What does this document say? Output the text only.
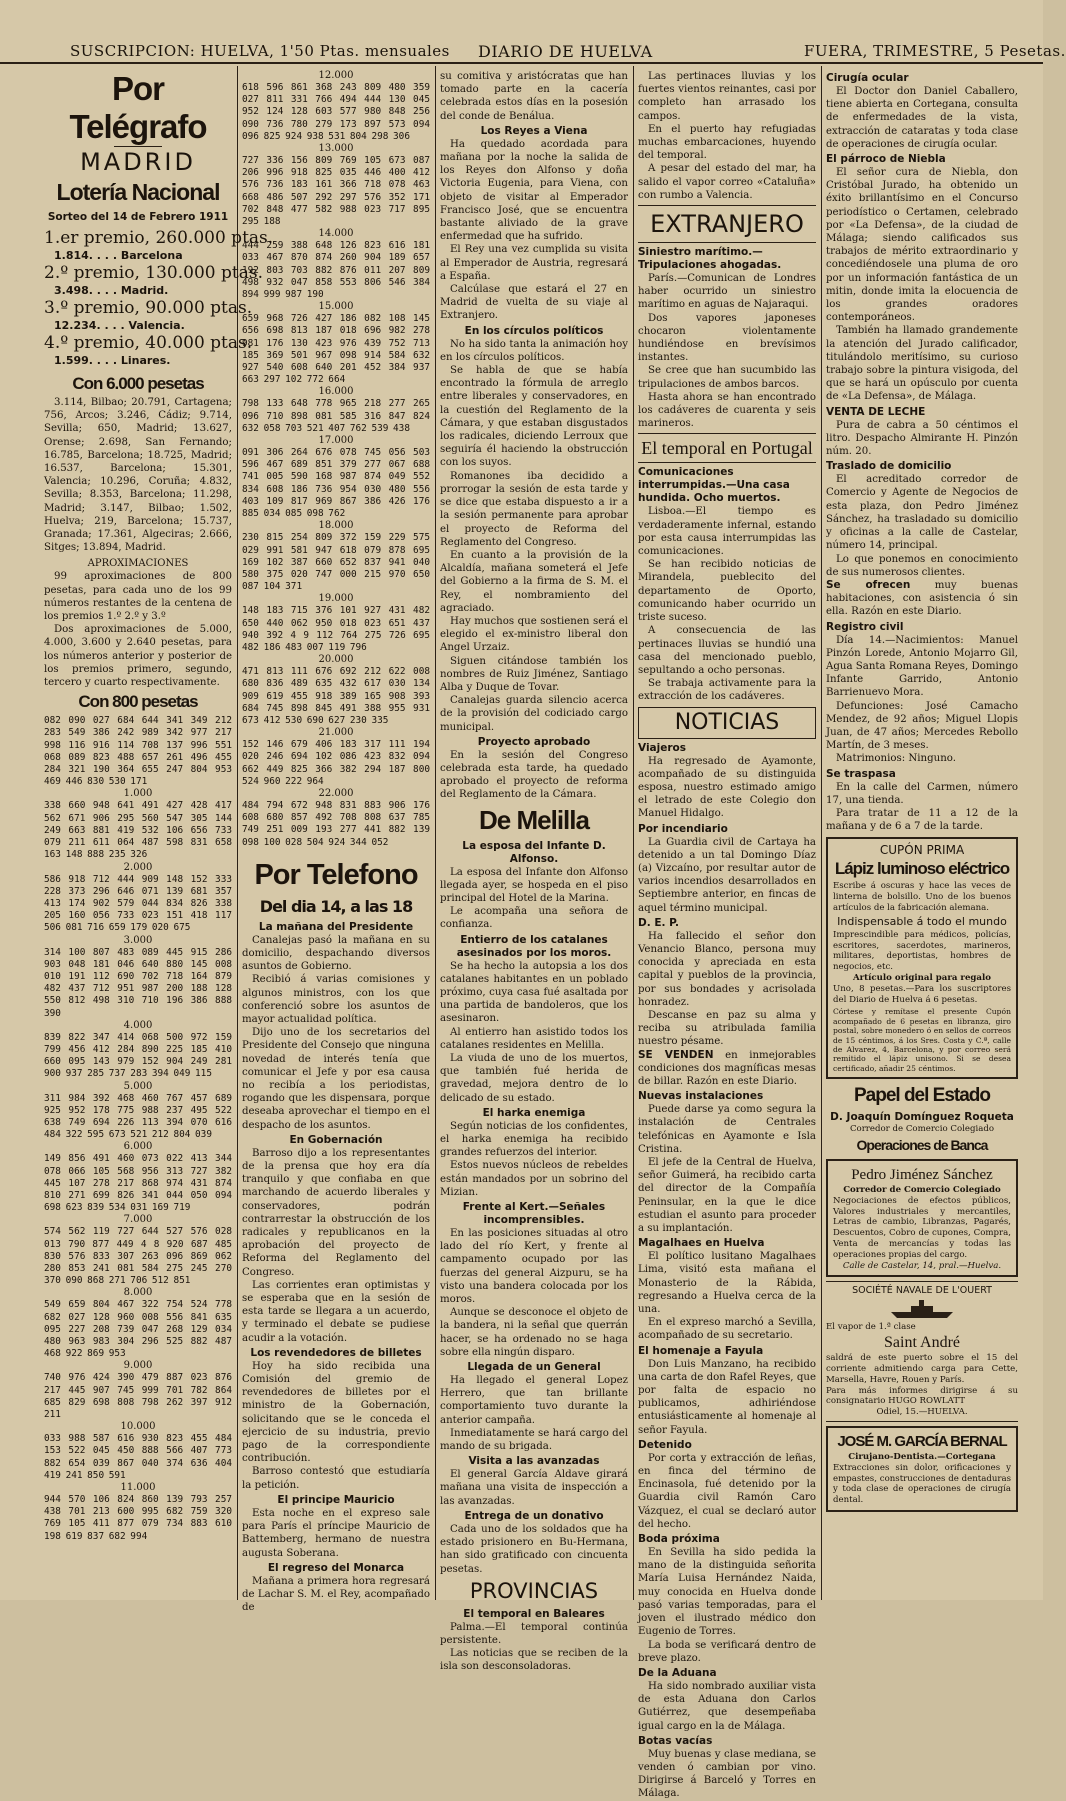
SUSCRIPCION: HUELVA, 1'50 Ptas. mensuales DIARIO DE HUELVA	FUERA, TRIMESTRE, 5 Pesetas.
Por Telégrafo
MADRID
Lotería Nacional
Sorteo del 14 de Febrero 1911
1.er premio, 260.000 ptas.
1.814. . . . Barcelona
2.º premio, 130.000 ptas.
3.498. . . . Madrid.
3.º premio, 90.000 ptas.
12.234. . . . Valencia.
4.º premio, 40.000 ptas.
1.599. . . . Linares.
Con 6.000 pesetas

3.114, Bilbao; 20.791, Cartagena; 756, Arcos; 3.246, Cádiz; 9.714, Sevilla; 650, Madrid; 13.627, Orense; 2.698, San Fernando; 16.785, Barcelona; 18.725, Madrid; 16.537, Barcelona; 15.301, Valencia; 10.296, Coruña; 4.832, Sevilla; 8.353, Barcelona; 11.298, Madrid; 3.147, Bilbao; 1.502, Huelva; 219, Barcelona; 15.737, Granada; 17.361, Algeciras; 2.666, Sitges; 13.894, Madrid.

APROXIMACIONES

99 aproximaciones de 800 pesetas, para cada uno de los 99 números restantes de la centena de los premios 1.º 2.º y 3.º

Dos aproximaciones de 5.000, 4.000, 3.600 y 2.640 pesetas, para los números anterior y posterior de los premios primero, segundo, tercero y cuarto respectivamente.

Con 800 pesetas
082 090 027 684 644 341 349 212 283 549 386 242 989 342 977 217 998 116 916 114 708 137 996 551 068 089 823 488 657 261 496 455 284 321 190 364 655 247 804 953 469 446 830 530 171
1.000
338 660 948 641 491 427 428 417 562 671 906 295 560 547 305 144 249 663 881 419 532 106 656 733 079 211 611 064 487 598 831 658 163 148 888 235 326
2.000
586 918 712 444 909 148 152 333 228 373 296 646 071 139 681 357 413 174 902 579 044 834 826 338 205 160 056 733 023 151 418 117 506 081 716 659 179 020 675
3.000
314 100 807 483 089 445 915 286 903 048 181 046 640 880 145 008 010 191 112 690 702 718 164 879 482 437 712 951 987 200 188 128 550 812 498 310 710 196 386 888 390
4.000
839 822 347 414 068 500 972 159 799 456 412 284 890 225 185 410 660 095 143 979 152 904 249 281 900 937 285 737 283 394 049 115
5.000
311 984 392 468 460 767 457 689 925 952 178 775 988 237 495 522 638 749 694 226 113 394 070 616 484 322 595 673 521 212 804 039
6.000
149 856 491 460 073 022 413 344 078 066 105 568 956 313 727 382 445 107 278 217 868 974 431 874 810 271 699 826 341 044 050 094 698 623 839 534 031 169 719
7.000
574 562 119 727 644 527 576 028 013 790 877 449 4 8 920 687 485 830 576 833 307 263 096 869 062 280 853 241 081 584 275 245 270 370 090 868 271 706 512 851
8.000
549 659 804 467 322 754 524 778 682 027 128 960 008 556 841 635 095 227 208 739 047 268 129 034 480 963 983 304 296 525 882 487 468 922 869 953
9.000
740 976 424 390 479 887 023 876 217 445 907 745 999 701 782 864 685 829 698 808 798 262 397 912 211
10.000
033 988 587 616 930 823 455 484 153 522 045 450 888 566 407 773 882 654 039 867 040 374 636 404 419 241 850 591
11.000
944 570 106 824 860 139 793 257 438 701 213 600 995 682 759 320 769 105 411 877 079 734 883 610 198 619 837 682 994
12.000
618 596 861 368 243 809 480 359 027 811 331 766 494 444 130 045 952 124 128 603 577 980 848 256 090 736 780 279 173 897 573 094 096 825 924 938 531 804 298 306
13.000
727 336 156 809 769 105 673 087 206 996 918 825 035 446 400 412 576 736 183 161 366 718 078 463 668 486 507 292 297 576 352 171 702 848 477 582 988 023 717 895 295 188
14.000
444 259 388 648 126 823 616 181 033 467 870 874 260 904 189 657 192 803 703 882 876 011 207 809 498 932 047 858 553 806 546 384 894 999 987 190
15.000
659 968 726 427 186 082 108 145 656 698 813 187 018 696 982 278 981 176 130 423 976 439 752 713 185 369 501 967 098 914 584 632 927 540 608 640 201 452 384 937 663 297 102 772 664
16.000
798 133 648 778 965 218 277 265 096 710 898 081 585 316 847 824 632 058 703 521 407 762 539 438
17.000
091 306 264 676 078 745 056 503 596 467 689 851 379 277 067 688 741 005 590 168 987 874 049 552 834 608 186 736 954 030 480 556 403 109 817 969 867 386 426 176 885 034 085 098 762
18.000
230 815 254 809 372 159 229 575 029 991 581 947 618 079 878 695 169 102 387 660 652 837 941 040 580 375 020 747 000 215 970 650 087 104 371
19.000
148 183 715 376 101 927 431 482 650 440 062 950 018 023 651 437 940 392 4 9 112 764 275 726 695 482 186 483 007 119 796
20.000
471 813 111 676 692 212 622 008 680 836 489 635 432 617 030 134 909 619 455 918 389 165 908 393 684 745 898 845 491 388 955 931 673 412 530 690 627 230 335
21.000
152 146 679 406 183 317 111 194 020 246 694 102 086 423 832 094 662 449 825 366 382 294 187 800 524 960 222 964
22.000
484 794 672 948 831 883 906 176 608 680 857 492 708 808 637 785 749 251 009 193 277 441 882 139 098 100 028 504 924 344 052
Por Telefono
Del dia 14, a las 18
La mañana del Presidente

Canalejas pasó la mañana en su domicilio, despachando diversos asuntos de Gobierno.

Recibió á varias comisiones y algunos ministros, con los que conferenció sobre los asuntos de mayor actualidad política.

Dijo uno de los secretarios del Presidente del Consejo que ninguna novedad de interés tenía que comunicar el Jefe y por esa causa no recibía a los periodistas, rogando que les dispensara, porque deseaba aprovechar el tiempo en el despacho de los asuntos.

En Gobernación

Barroso dijo a los representantes de la prensa que hoy era día tranquilo y que confiaba en que marchando de acuerdo liberales y conservadores, podrán contrarrestar la obstrucción de los radicales y republicanos en la aprobación del proyecto de Reforma del Reglamento del Congreso.

Las corrientes eran optimistas y se esperaba que en la sesión de esta tarde se llegara a un acuerdo, y terminado el debate se pudiese acudir a la votación.

Los revendedores de billetes

Hoy ha sido recibida una Comisión del gremio de revendedores de billetes por el ministro de la Gobernación, solicitando que se le conceda el ejercicio de su industria, previo pago de la correspondiente contribución.

Barroso contestó que estudiaría la petición.

El principe Mauricio

Esta noche en el expreso sale para París el príncipe Mauricio de Battemberg, hermano de nuestra augusta Soberana.

El regreso del Monarca

Mañana a primera hora regresará de Lachar S. M. el Rey, acompañado de

su comitiva y aristócratas que han tomado parte en la cacería celebrada estos días en la posesión del conde de Benálua.

Los Reyes a Viena

Ha quedado acordada para mañana por la noche la salida de los Reyes don Alfonso y doña Victoria Eugenia, para Viena, con objeto de visitar al Emperador Francisco José, que se encuentra bastante aliviado de la grave enfermedad que ha sufrido.

El Rey una vez cumplida su visita al Emperador de Austria, regresará a España.

Calcúlase que estará el 27 en Madrid de vuelta de su viaje al Extranjero.

En los círculos políticos

No ha sido tanta la animación hoy en los círculos políticos.

Se habla de que se había encontrado la fórmula de arreglo entre liberales y conservadores, en la cuestión del Reglamento de la Cámara, y que estaban disgustados los radicales, diciendo Lerroux que seguiría él haciendo la obstrucción con los suyos.

Romanones iba decidido a prorrogar la sesión de esta tarde y se dice que estaba dispuesto a ir a la sesión permanente para aprobar el proyecto de Reforma del Reglamento del Congreso.

En cuanto a la provisión de la Alcaldía, mañana someterá el Jefe del Gobierno a la firma de S. M. el Rey, el nombramiento del agraciado.

Hay muchos que sostienen será el elegido el ex-ministro liberal don Angel Urzaiz.

Siguen citándose también los nombres de Ruiz Jiménez, Santiago Alba y Duque de Tovar.

Canalejas guarda silencio acerca de la provisión del codiciado cargo municipal.

Proyecto aprobado

En la sesión del Congreso celebrada esta tarde, ha quedado aprobado el proyecto de reforma del Reglamento de la Cámara.

De Melilla
La esposa del Infante D. Alfonso.

La esposa del Infante don Alfonso llegada ayer, se hospeda en el piso principal del Hotel de la Marina.

Le acompaña una señora de confianza.

Entierro de los catalanes asesinados por los moros.

Se ha hecho la autopsia a los dos catalanes habitantes en un poblado próximo, cuya casa fué asaltada por una partida de bandoleros, que los asesinaron.

Al entierro han asistido todos los catalanes residentes en Melilla.

La viuda de uno de los muertos, que también fué herida de gravedad, mejora dentro de lo delicado de su estado.

El harka enemiga

Según noticias de los confidentes, el harka enemiga ha recibido grandes refuerzos del interior.

Estos nuevos núcleos de rebeldes están mandados por un sobrino del Mizian.

Frente al Kert.—Señales incomprensibles.

En las posiciones situadas al otro lado del río Kert, y frente al campamento ocupado por las fuerzas del general Aizpuru, se ha visto una bandera colocada por los moros.

Aunque se desconoce el objeto de la bandera, ni la señal que querrán hacer, se ha ordenado no se haga sobre ella ningún disparo.

Llegada de un General

Ha llegado el general Lopez Herrero, que tan brillante comportamiento tuvo durante la anterior campaña.

Inmediatamente se hará cargo del mando de su brigada.

Visita a las avanzadas

El general García Aldave girará mañana una visita de inspección a las avanzadas.

Entrega de un donativo

Cada uno de los soldados que ha estado prisionero en Bu-Hermana, han sido gratificado con cincuenta pesetas.

PROVINCIAS
El temporal en Baleares

Palma.—El temporal continúa persistente.

Las noticias que se reciben de la isla son desconsoladoras.

Las pertinaces lluvias y los fuertes vientos reinantes, casi por completo han arrasado los campos.

En el puerto hay refugiadas muchas embarcaciones, huyendo del temporal.

A pesar del estado del mar, ha salido el vapor correo «Cataluña» con rumbo a Valencia.

EXTRANJERO
Siniestro marítimo.—Tripulaciones ahogadas.

París.—Comunican de Londres haber ocurrido un siniestro marítimo en aguas de Najaraqui.

Dos vapores japoneses chocaron violentamente hundiéndose en brevísimos instantes.

Se cree que han sucumbido las tripulaciones de ambos barcos.

Hasta ahora se han encontrado los cadáveres de cuarenta y seis marineros.

El temporal en Portugal
Comunicaciones interrumpidas.—Una casa hundida. Ocho muertos.

Lisboa.—El tiempo es verdaderamente infernal, estando por esta causa interrumpidas las comunicaciones.

Se han recibido noticias de Mirandela, pueblecito del departamento de Oporto, comunicando haber ocurrido un triste suceso.

A consecuencia de las pertinaces lluvias se hundió una casa del mencionado pueblo, sepultando a ocho personas.

Se trabaja activamente para la extracción de los cadáveres.

NOTICIAS
Viajeros

Ha regresado de Ayamonte, acompañado de su distinguida esposa, nuestro estimado amigo el letrado de este Colegio don Manuel Hidalgo.

Por incendiario

La Guardia civil de Cartaya ha detenido a un tal Domingo Díaz (a) Vizcaíno, por resultar autor de varios incendios desarrollados en Septiembre anterior, en fincas de aquel término municipal.

D. E. P.

Ha fallecido el señor don Venancio Blanco, persona muy conocida y apreciada en esta capital y pueblos de la provincia, por sus bondades y acrisolada honradez.

Descanse en paz su alma y reciba su atribulada familia nuestro pésame.

SE VENDEN en inmejorables condiciones dos magníficas mesas de billar. Razón en este Diario.

Nuevas instalaciones

Puede darse ya como segura la instalación de Centrales telefónicas en Ayamonte e Isla Cristina.

El jefe de la Central de Huelva, señor Guimerá, ha recibido carta del director de la Compañía Peninsular, en la que le dice estudian el asunto para proceder a su implantación.

Magalhaes en Huelva

El político lusitano Magalhaes Lima, visitó esta mañana el Monasterio de la Rábida, regresando a Huelva cerca de la una.

En el expreso marchó a Sevilla, acompañado de su secretario.

El homenaje a Fayula

Don Luis Manzano, ha recibido una carta de don Rafel Reyes, que por falta de espacio no publicamos, adhiriéndose entusiásticamente al homenaje al señor Fayula.

Detenido

Por corta y extracción de leñas, en finca del término de Encinasola, fué detenido por la Guardia civil Ramón Caro Vázquez, el cual se declaró autor del hecho.

Boda próxima

En Sevilla ha sido pedida la mano de la distinguida señorita María Luisa Hernández Naida, muy conocida en Huelva donde pasó varias temporadas, para el joven el ilustrado médico don Eugenio de Torres.

La boda se verificará dentro de breve plazo.

De la Aduana

Ha sido nombrado auxiliar vista de esta Aduana don Carlos Gutiérrez, que desempeñaba igual cargo en la de Málaga.

Botas vacías

Muy buenas y clase mediana, se venden ó cambian por vino. Dirigirse á Barceló y Torres en Málaga.

Cirugía ocular

El Doctor don Daniel Caballero, tiene abierta en Cortegana, consulta de enfermedades de la vista, extracción de cataratas y toda clase de operaciones de cirugía ocular.

El párroco de Niebla

El señor cura de Niebla, don Cristóbal Jurado, ha obtenido un éxito brillantísimo en el Concurso periodístico o Certamen, celebrado por «La Defensa», de la ciudad de Málaga; siendo calificados sus trabajos de mérito extraordinario y concediéndosele una pluma de oro por un información fantástica de un mitin, donde imita la elocuencia de los grandes oradores contemporáneos.

También ha llamado grandemente la atención del Jurado calificador, titulándolo meritísimo, su curioso trabajo sobre la pintura visigoda, del que se hará un opúsculo por cuenta de «La Defensa», de Málaga.

VENTA DE LECHE

Pura de cabra a 50 céntimos el litro. Despacho Almirante H. Pinzón núm. 20.

Traslado de domicilio

El acreditado corredor de Comercio y Agente de Negocios de esta plaza, don Pedro Jiménez Sánchez, ha trasladado su domicilio y oficinas a la calle de Castelar, número 14, principal.

Lo que ponemos en conocimiento de sus numerosos clientes.

Se ofrecen muy buenas habitaciones, con asistencia ó sin ella. Razón en este Diario.

Registro civil

Día 14.—Nacimientos: Manuel Pinzón Lorede, Antonio Mojarro Gil, Agua Santa Romana Reyes, Domingo Infante Garrido, Antonio Barrienuevo Mora.

Defunciones: José Camacho Mendez, de 92 años; Miguel Llopis Juan, de 47 años; Mercedes Rebollo Martín, de 3 meses.

Matrimonios: Ninguno.

Se traspasa

En la calle del Carmen, número 17, una tienda.

Para tratar de 11 a 12 de la mañana y de 6 a 7 de la tarde.

CUPÓN PRIMA
Lápiz luminoso eléctrico
Escribe á oscuras y hace las veces de linterna de bolsillo. Uno de los buenos artículos de la fabricación alemana.
Indispensable á todo el mundo
Imprescindible para médicos, policías, escritores, sacerdotes, marineros, militares, deportistas, hombres de negocios, etc.
Artículo original para regalo
Uno, 8 pesetas.—Para los suscriptores del Diario de Huelva á 6 pesetas.
Córtese y remítase el presente Cupón acompañado de 6 pesetas en libranza, giro postal, sobre monedero ó en sellos de correos de 15 céntimos, á los Sres. Costa y C.ª, calle de Alvarez, 4, Barcelona, y por correo será remitido el lápiz unisono. Si se desea certificado, añadir 25 céntimos.
Papel del Estado
D. Joaquín Domínguez Roqueta
Corredor de Comercio Colegiado
Operaciones de Banca
Pedro Jiménez Sánchez
Corredor de Comercio Colegiado
Negociaciones de efectos públicos, Valores industriales y mercantiles, Letras de cambio, Libranzas, Pagarés, Descuentos, Cobro de cupones, Compra, Venta de mercancías y todas las operaciones propias del cargo.
Calle de Castelar, 14, pral.—Huelva.
SOCIÉTÉ NAVALE DE L'OUERT
El vapor de 1.ª clase
Saint André
saldrá de este puerto sobre el 15 del corriente admitiendo carga para Cette, Marsella, Havre, Rouen y París.
Para más informes dirigirse á su consignatario HUGO ROWLATT
Odiel, 15.—HUELVA.
JOSÉ M. GARCÍA BERNAL
Cirujano-Dentista.—Cortegana
Extracciones sin dolor, orificaciones y empastes, construcciones de dentaduras y toda clase de operaciones de cirugía dental.
